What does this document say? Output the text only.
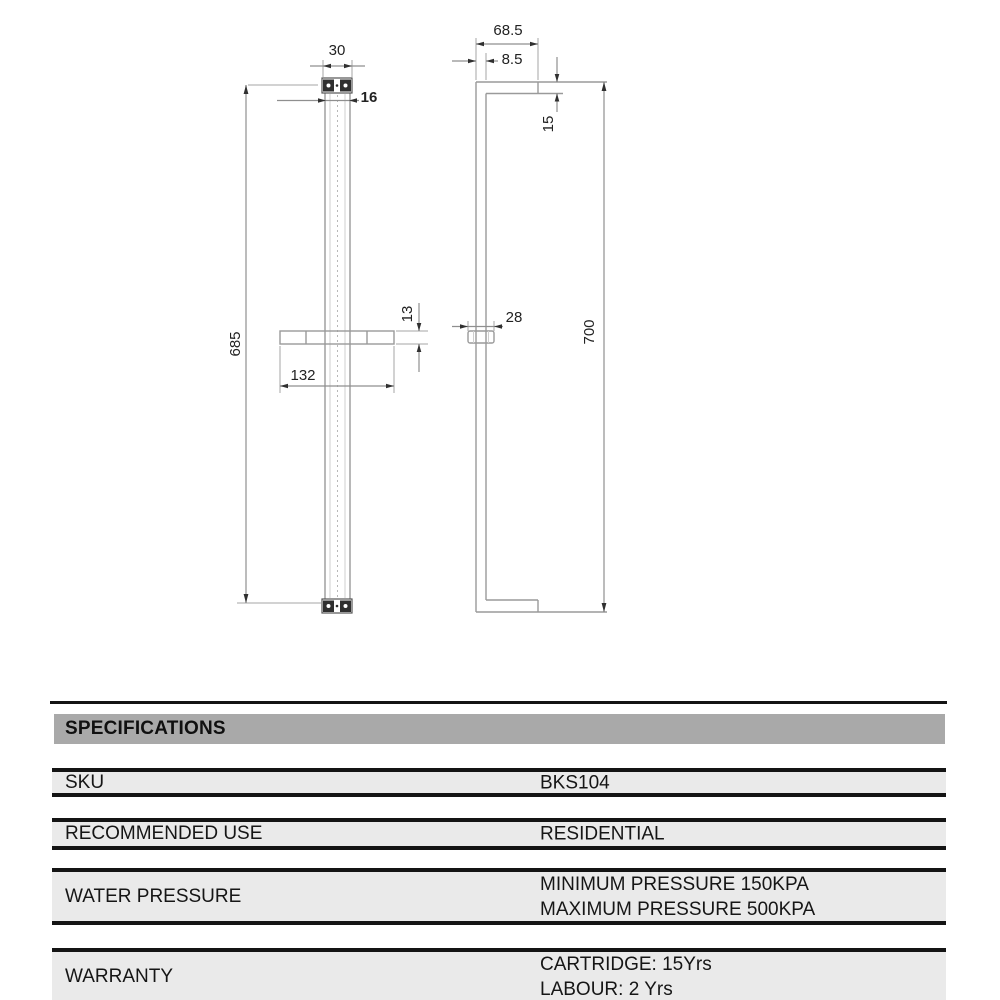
30
16
685
13
132
68.5
8.5
15
28
700
SPECIFICATIONS
SKU	BKS104
RECOMMENDED USE	RESIDENTIAL
WATER PRESSURE
MINIMUM PRESSURE 150KPA
MAXIMUM PRESSURE 500KPA
WARRANTY
CARTRIDGE: 15Yrs
LABOUR: 2 Yrs
